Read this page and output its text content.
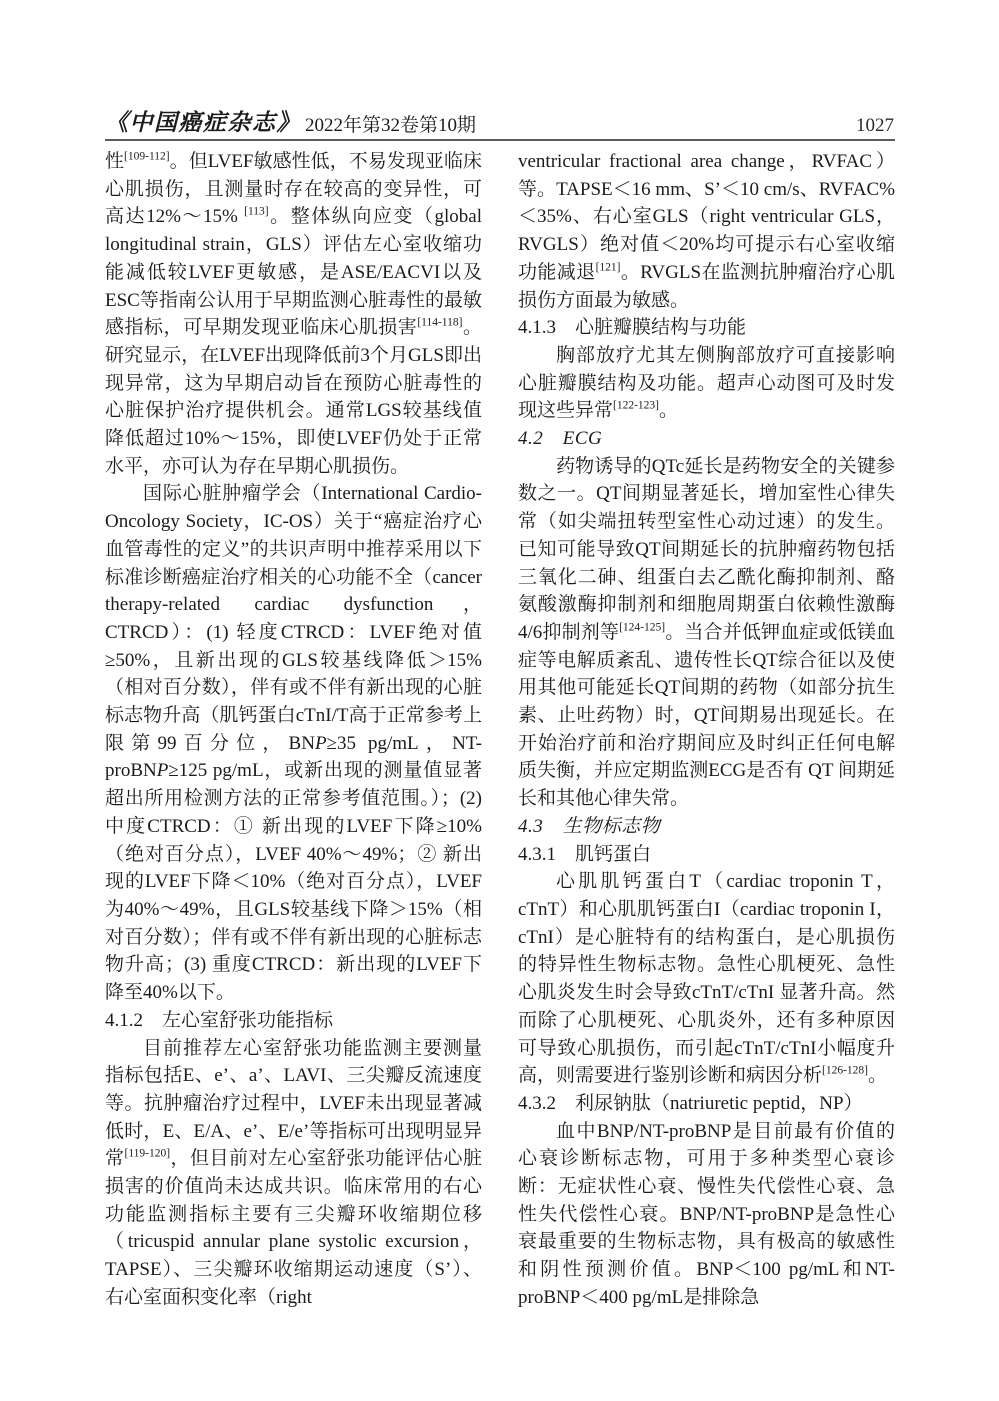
《中国癌症杂志》 2022年第32卷第10期	1027

性[109-112]。但LVEF敏感性低，不易发现亚临床心肌损伤，且测量时存在较高的变异性，可高达12%～15% [113]。整体纵向应变（global longitudinal strain，GLS）评估左心室收缩功能减低较LVEF更敏感，是ASE/EACVI以及ESC等指南公认用于早期监测心脏毒性的最敏感指标，可早期发现亚临床心肌损害[114-118]。研究显示，在LVEF出现降低前3个月GLS即出现异常，这为早期启动旨在预防心脏毒性的心脏保护治疗提供机会。通常LGS较基线值降低超过10%～15%，即使LVEF仍处于正常水平，亦可认为存在早期心肌损伤。

国际心脏肿瘤学会（International Cardio-Oncology Society，IC-OS）关于“癌症治疗心血管毒性的定义”的共识声明中推荐采用以下标准诊断癌症治疗相关的心功能不全（cancer therapy-related cardiac dysfunction，CTRCD）：(1) 轻度CTRCD：LVEF绝对值≥50%，且新出现的GLS较基线降低＞15%（相对百分数），伴有或不伴有新出现的心脏标志物升高（肌钙蛋白cTnI/T高于正常参考上限第99百分位，BNP≥35 pg/mL，NT-proBNP≥125 pg/mL，或新出现的测量值显著超出所用检测方法的正常参考值范围。）；(2) 中度CTRCD：① 新出现的LVEF下降≥10%（绝对百分点），LVEF 40%～49%；② 新出现的LVEF下降＜10%（绝对百分点），LVEF为40%～49%，且GLS较基线下降＞15%（相对百分数）；伴有或不伴有新出现的心脏标志物升高；(3) 重度CTRCD：新出现的LVEF下降至40%以下。

4.1.2　左心室舒张功能指标

目前推荐左心室舒张功能监测主要测量指标包括E、e’、a’、LAVI、三尖瓣反流速度等。抗肿瘤治疗过程中，LVEF未出现显著减低时，E、E/A、e’、E/e’等指标可出现明显异常[119-120]，但目前对左心室舒张功能评估心脏损害的价值尚未达成共识。临床常用的右心功能监测指标主要有三尖瓣环收缩期位移（tricuspid annular plane systolic excursion，TAPSE）、三尖瓣环收缩期运动速度（S’）、右心室面积变化率（right

ventricular fractional area change，RVFAC）等。TAPSE＜16 mm、S’＜10 cm/s、RVFAC%＜35%、右心室GLS（right ventricular GLS，RVGLS）绝对值＜20%均可提示右心室收缩功能减退[121]。RVGLS在监测抗肿瘤治疗心肌损伤方面最为敏感。

4.1.3　心脏瓣膜结构与功能

胸部放疗尤其左侧胸部放疗可直接影响心脏瓣膜结构及功能。超声心动图可及时发现这些异常[122-123]。

4.2　ECG

药物诱导的QTc延长是药物安全的关键参数之一。QT间期显著延长，增加室性心律失常（如尖端扭转型室性心动过速）的发生。已知可能导致QT间期延长的抗肿瘤药物包括三氧化二砷、组蛋白去乙酰化酶抑制剂、酪氨酸激酶抑制剂和细胞周期蛋白依赖性激酶4/6抑制剂等[124-125]。当合并低钾血症或低镁血症等电解质紊乱、遗传性长QT综合征以及使用其他可能延长QT间期的药物（如部分抗生素、止吐药物）时，QT间期易出现延长。在开始治疗前和治疗期间应及时纠正任何电解质失衡，并应定期监测ECG是否有 QT 间期延长和其他心律失常。

4.3　生物标志物
4.3.1　肌钙蛋白

心肌肌钙蛋白T（cardiac troponin T，cTnT）和心肌肌钙蛋白I（cardiac troponin I，cTnI）是心脏特有的结构蛋白，是心肌损伤的特异性生物标志物。急性心肌梗死、急性心肌炎发生时会导致cTnT/cTnI 显著升高。然而除了心肌梗死、心肌炎外，还有多种原因可导致心肌损伤，而引起cTnT/cTnI小幅度升高，则需要进行鉴别诊断和病因分析[126-128]。

4.3.2　利尿钠肽（natriuretic peptid，NP）

血中BNP/NT-proBNP是目前最有价值的心衰诊断标志物，可用于多种类型心衰诊断：无症状性心衰、慢性失代偿性心衰、急性失代偿性心衰。BNP/NT-proBNP是急性心衰最重要的生物标志物，具有极高的敏感性和阴性预测价值。BNP＜100 pg/mL和NT-proBNP＜400 pg/mL是排除急
